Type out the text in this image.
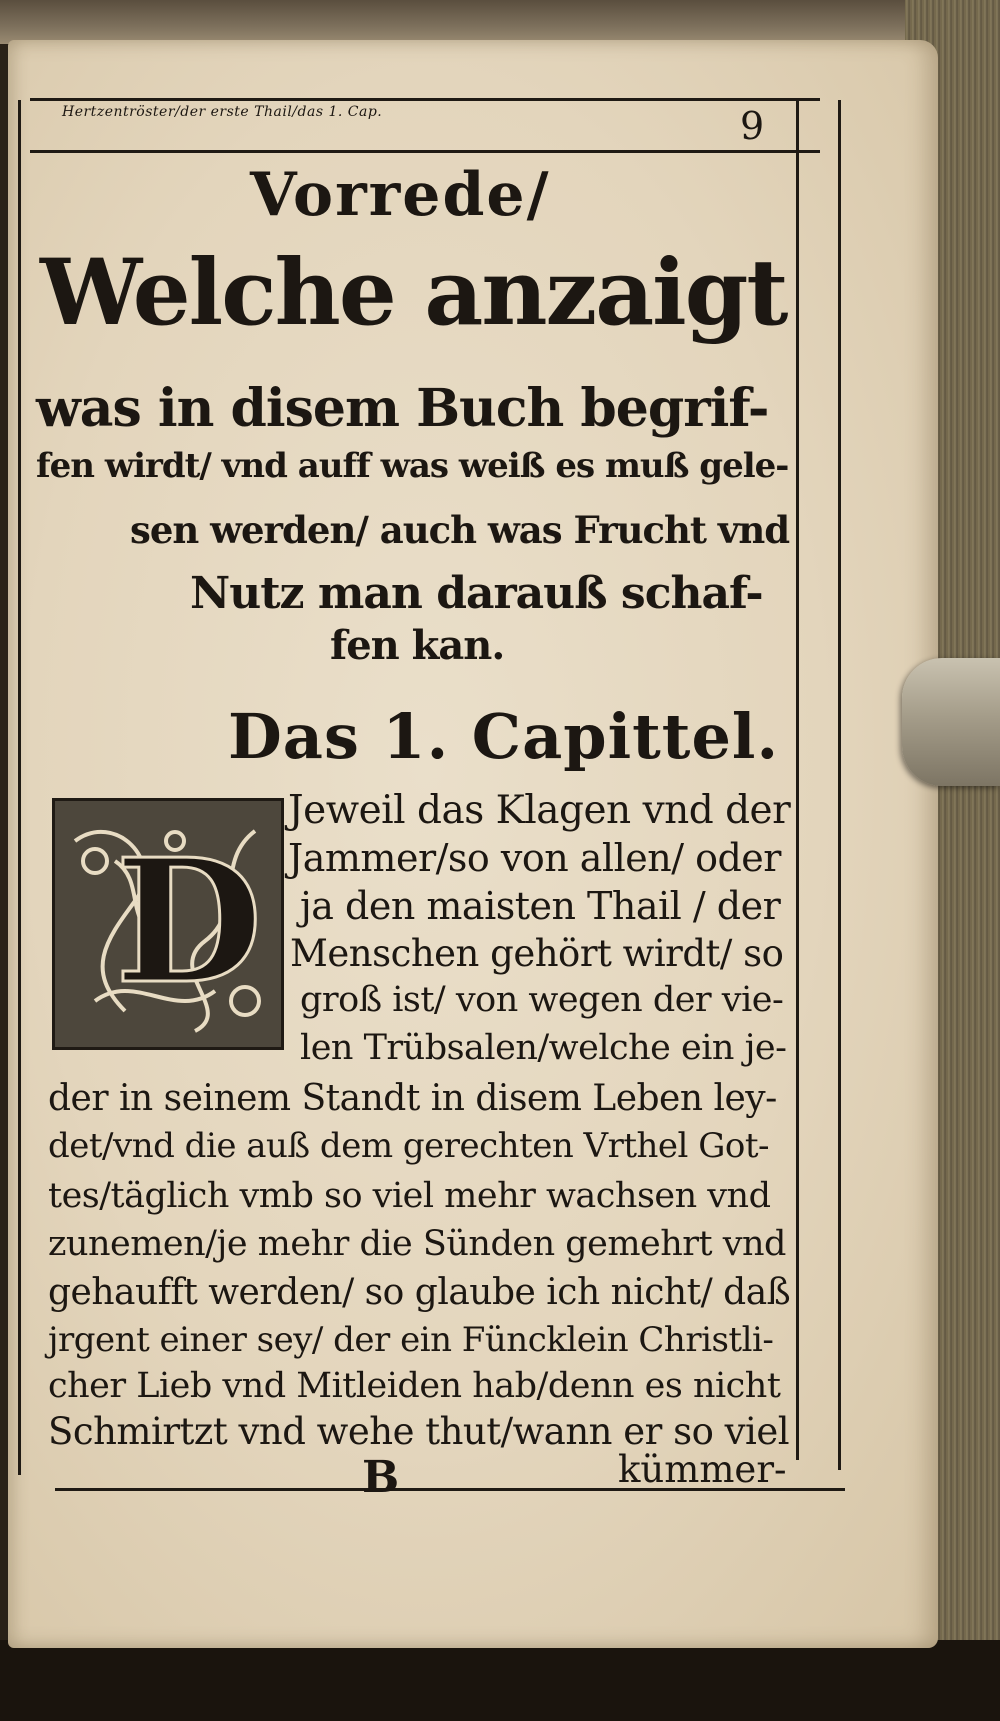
Hertzentröster/der erste Thail/das 1. Cap.	9
Vorrede/
Welche anzaigt
was in disem Buch begrif-
fen wirdt/ vnd auff was weiß es muß gele-
sen werden/ auch was Frucht vnd
Nutz man darauß schaf-
fen kan.
Das 1. Capittel.
D
Jeweil das Klagen vnd der
Jammer/so von allen/ oder
ja den maisten Thail / der
Menschen gehört wirdt/ so
groß ist/ von wegen der vie-
len Trübsalen/welche ein je-
der in seinem Standt in disem Leben ley-
det/vnd die auß dem gerechten Vrthel Got-
tes/täglich vmb so viel mehr wachsen vnd
zunemen/je mehr die Sünden gemehrt vnd
gehaufft werden/ so glaube ich nicht/ daß
jrgent einer sey/ der ein Füncklein Christli-
cher Lieb vnd Mitleiden hab/denn es nicht
Schmirtzt vnd wehe thut/wann er so viel
B	kümmer-
